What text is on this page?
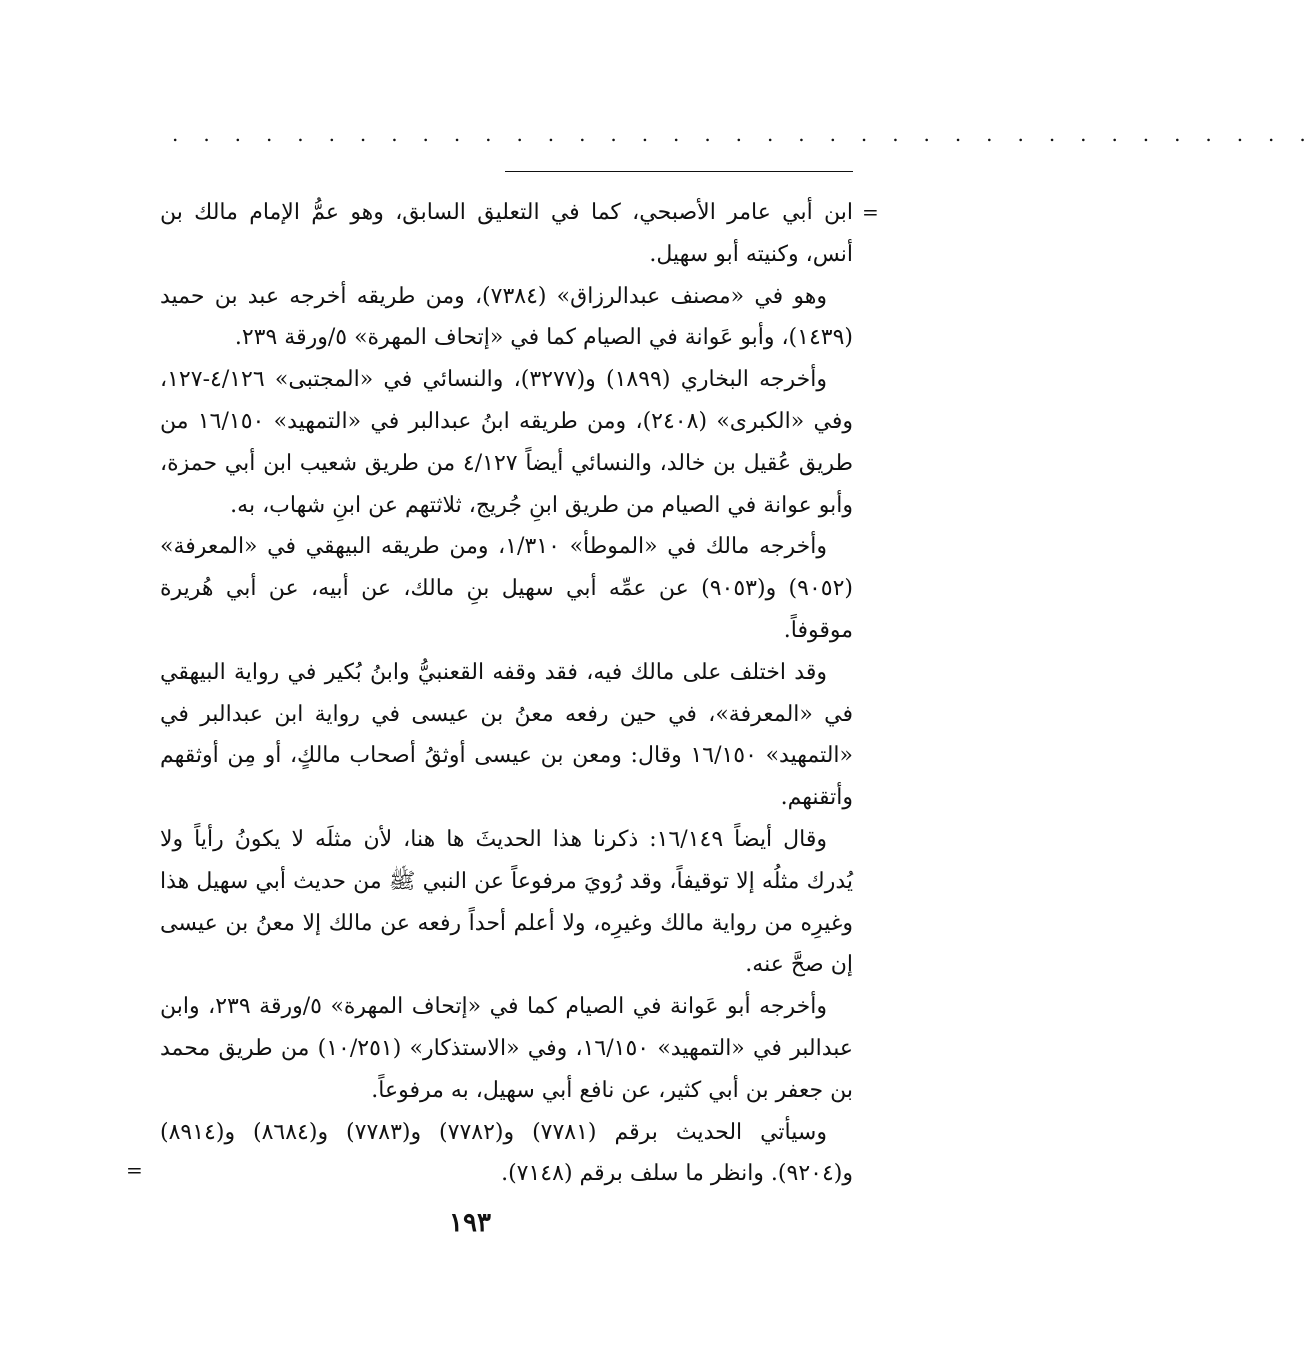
. . . . . . . . . . . . . . . . . . . . . . . . . . . . . . . . . . . . .
=

ابن أبي عامر الأصبحي، كما في التعليق السابق، وهو عمُّ الإمام مالك بن أنس، وكنيته أبو سهيل.

وهو في «مصنف عبدالرزاق» (٧٣٨٤)، ومن طريقه أخرجه عبد بن حميد (١٤٣٩)، وأبو عَوانة في الصيام كما في «إتحاف المهرة» ٥/ورقة ٢٣٩.

وأخرجه البخاري (١٨٩٩) و(٣٢٧٧)، والنسائي في «المجتبى» ٤/١٢٦-١٢٧، وفي «الكبرى» (٢٤٠٨)، ومن طريقه ابنُ عبدالبر في «التمهيد» ١٦/١٥٠ من طريق عُقيل بن خالد، والنسائي أيضاً ٤/١٢٧ من طريق شعيب ابن أبي حمزة، وأبو عوانة في الصيام من طريق ابنِ جُريج، ثلاثتهم عن ابنِ شهاب، به.

وأخرجه مالك في «الموطأ» ١/٣١٠، ومن طريقه البيهقي في «المعرفة» (٩٠٥٢) و(٩٠٥٣) عن عمِّه أبي سهيل بنِ مالك، عن أبيه، عن أبي هُريرة موقوفاً.

وقد اختلف على مالك فيه، فقد وقفه القعنبيُّ وابنُ بُكير في رواية البيهقي في «المعرفة»، في حين رفعه معنُ بن عيسى في رواية ابن عبدالبر في «التمهيد» ١٦/١٥٠ وقال: ومعن بن عيسى أوثقُ أصحاب مالكٍ، أو مِن أوثقهم وأتقنهم.

وقال أيضاً ١٦/١٤٩: ذكرنا هذا الحديثَ ها هنا، لأن مثلَه لا يكونُ رأياً ولا يُدرك مثلُه إلا توقيفاً، وقد رُويَ مرفوعاً عن النبي ﷺ من حديث أبي سهيل هذا وغيرِه من رواية مالك وغيرِه، ولا أعلم أحداً رفعه عن مالك إلا معنُ بن عيسى إن صحَّ عنه.

وأخرجه أبو عَوانة في الصيام كما في «إتحاف المهرة» ٥/ورقة ٢٣٩، وابن عبدالبر في «التمهيد» ١٦/١٥٠، وفي «الاستذكار» (١٠/٢٥١) من طريق محمد بن جعفر بن أبي كثير، عن نافع أبي سهيل، به مرفوعاً.

وسيأتي الحديث برقم (٧٧٨١) و(٧٧٨٢) و(٧٧٨٣) و(٨٦٨٤) و(٨٩١٤) و(٩٢٠٤). وانظر ما سلف برقم (٧١٤٨).

=
١٩٣
